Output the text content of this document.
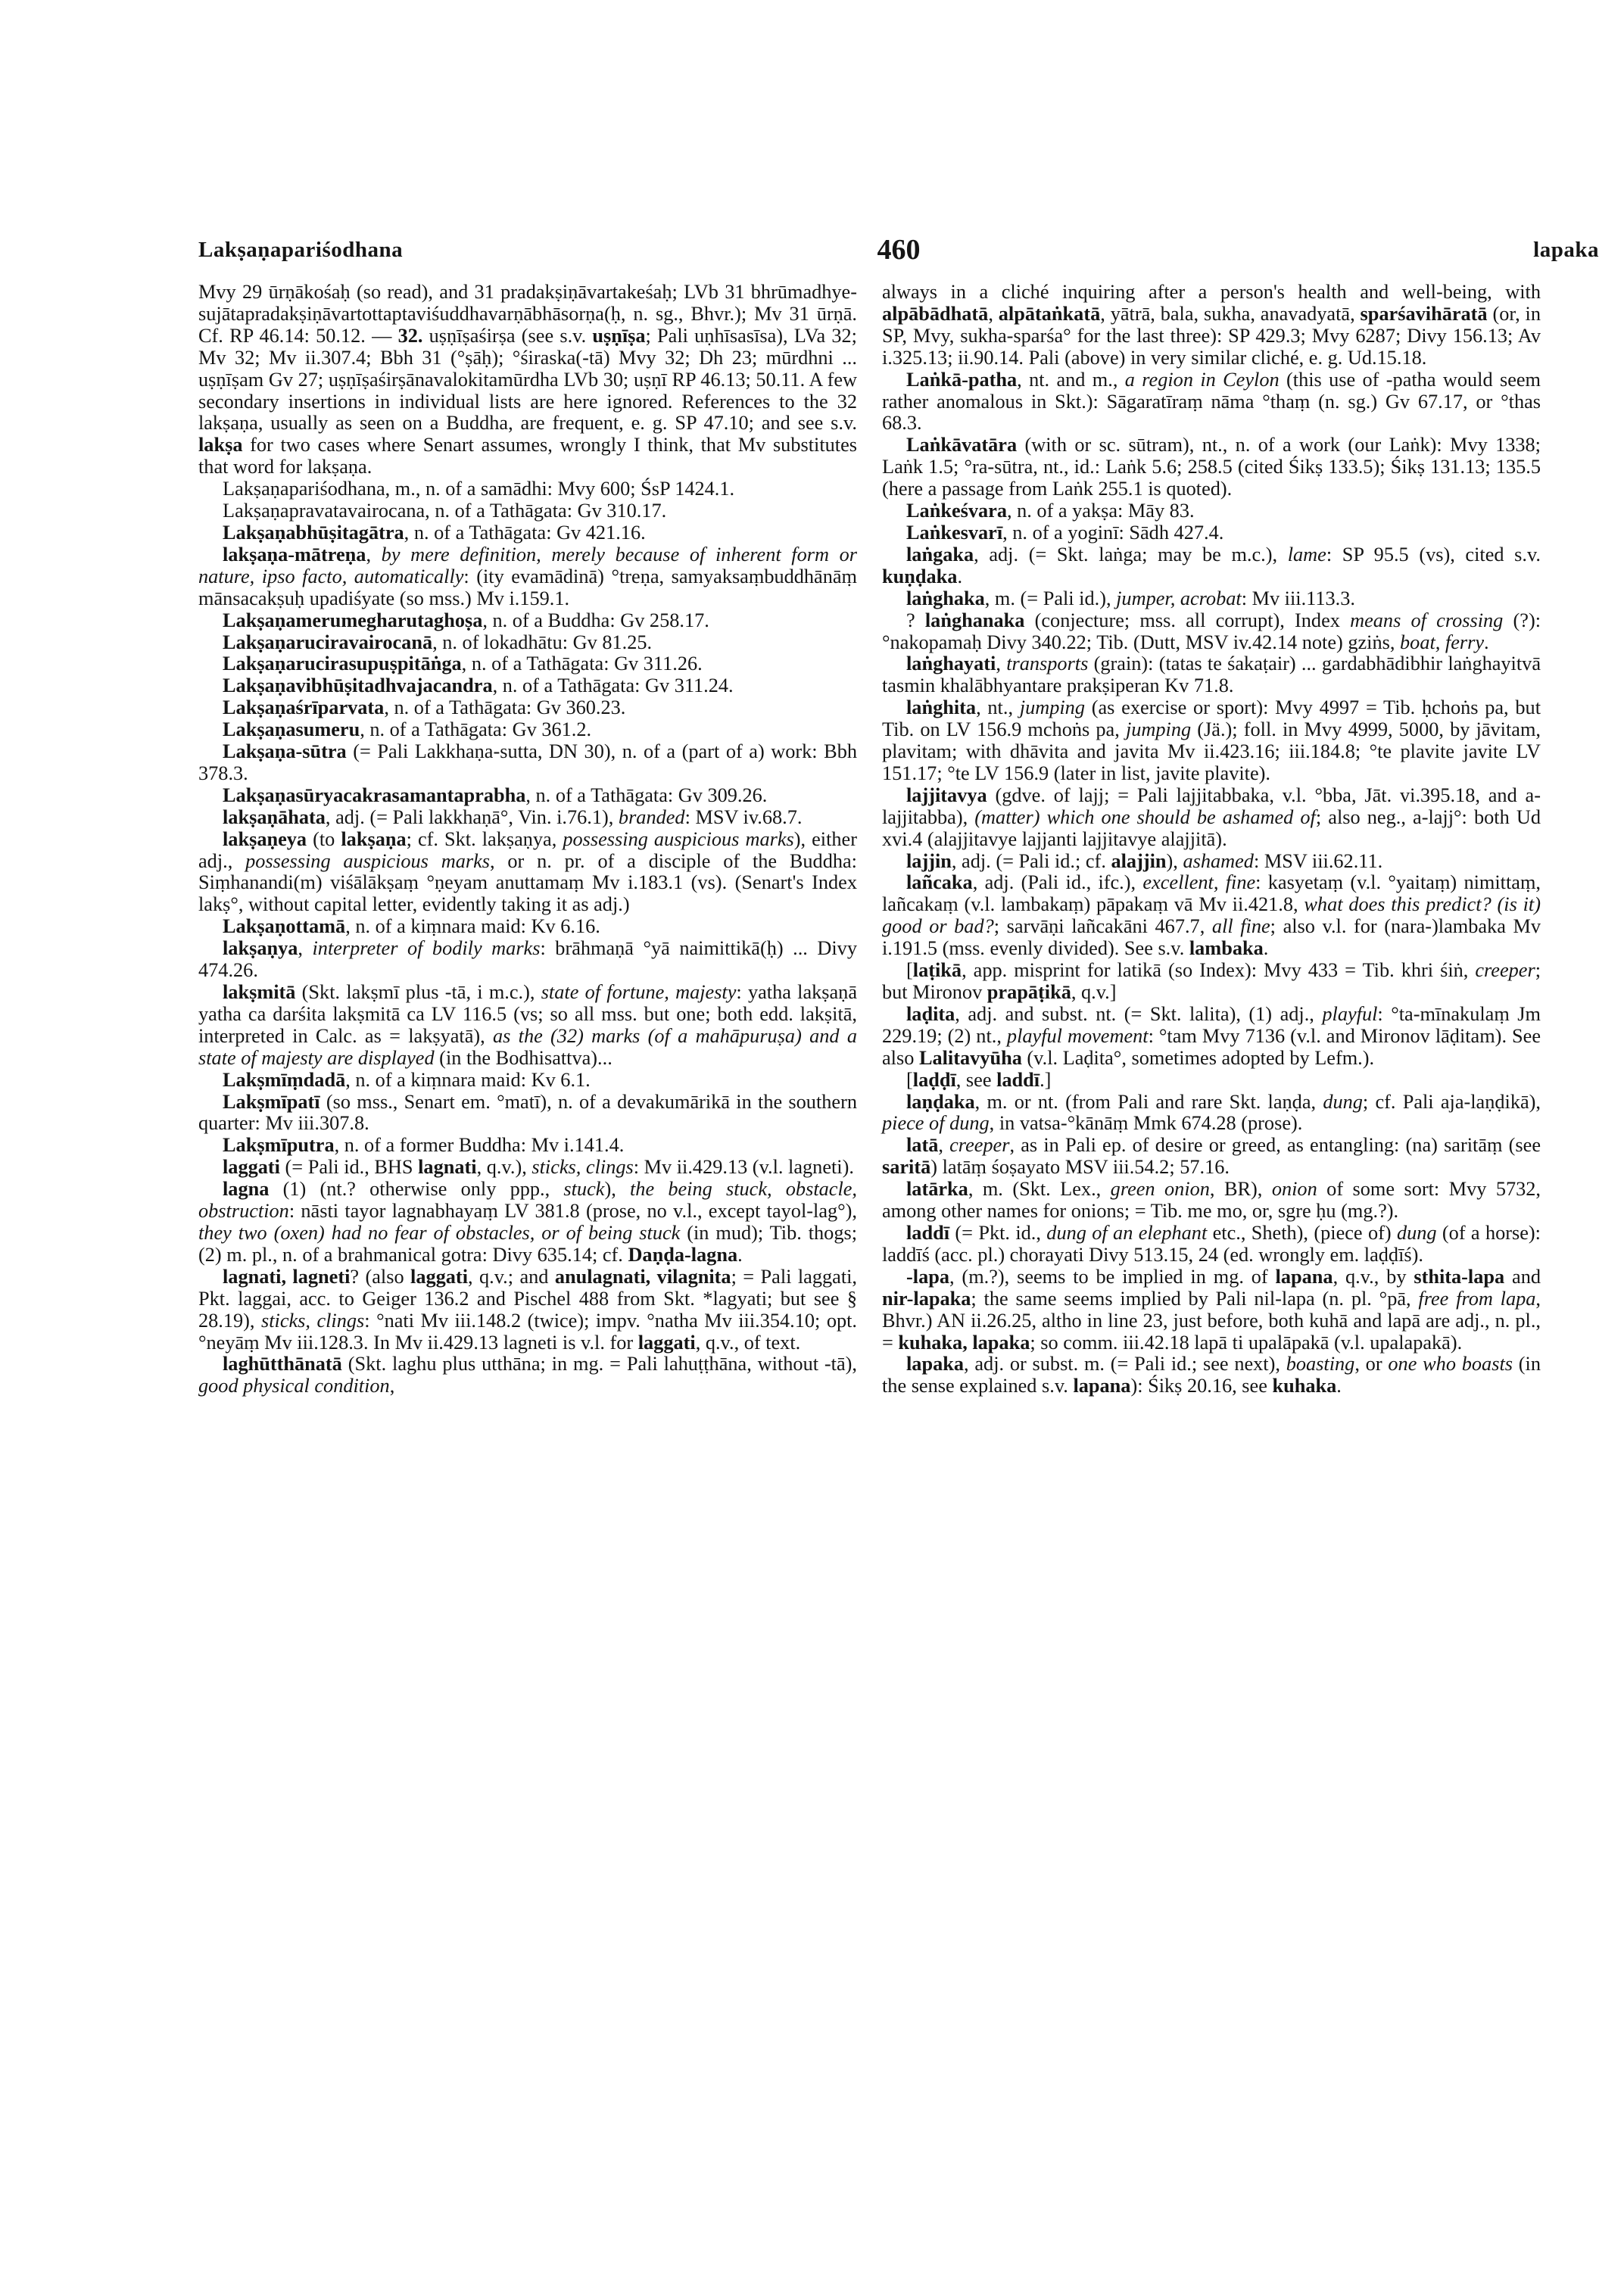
Lakṣaṇapariśodhana	460	lapaka

Mvy 29 ūrṇākośaḥ (so read), and 31 pradakṣiṇāvartakeśaḥ; LVb 31 bhrūmadhye-sujātapradakṣiṇāvartottaptaviśuddhavarṇābhāsorṇa(ḥ, n. sg., Bhvr.); Mv 31 ūrṇā. Cf. RP 46.14: 50.12. — 32. uṣṇīṣaśirṣa (see s.v. uṣṇīṣa; Pali uṇhīsasīsa), LVa 32; Mv 32; Mv ii.307.4; Bbh 31 (°ṣāḥ); °śiraska(-tā) Mvy 32; Dh 23; mūrdhni ... uṣṇīṣam Gv 27; uṣṇīṣaśirṣānavalokitamūrdha LVb 30; uṣṇī RP 46.13; 50.11. A few secondary insertions in individual lists are here ignored. References to the 32 lakṣaṇa, usually as seen on a Buddha, are frequent, e. g. SP 47.10; and see s.v. lakṣa for two cases where Senart assumes, wrongly I think, that Mv substitutes that word for lakṣaṇa.

Lakṣaṇapariśodhana, m., n. of a samādhi: Mvy 600; ŚsP 1424.1.

Lakṣaṇapravatavairocana, n. of a Tathāgata: Gv 310.17.

Lakṣaṇabhūṣitagātra, n. of a Tathāgata: Gv 421.16.

lakṣaṇa-mātreṇa, by mere definition, merely because of inherent form or nature, ipso facto, automatically: (ity evamādinā) °treṇa, samyaksaṃbuddhānāṃ mānsacakṣuḥ upadiśyate (so mss.) Mv i.159.1.

Lakṣaṇamerumegharutaghoṣa, n. of a Buddha: Gv 258.17.

Lakṣaṇaruciravairocanā, n. of lokadhātu: Gv 81.25.

Lakṣaṇarucirasupuṣpitāṅga, n. of a Tathāgata: Gv 311.26.

Lakṣaṇavibhūṣitadhvajacandra, n. of a Tathāgata: Gv 311.24.

Lakṣaṇaśrīparvata, n. of a Tathāgata: Gv 360.23.

Lakṣaṇasumeru, n. of a Tathāgata: Gv 361.2.

Lakṣaṇa-sūtra (= Pali Lakkhaṇa-sutta, DN 30), n. of a (part of a) work: Bbh 378.3.

Lakṣaṇasūryacakrasamantaprabha, n. of a Tathāgata: Gv 309.26.

lakṣaṇāhata, adj. (= Pali lakkhaṇā°, Vin. i.76.1), branded: MSV iv.68.7.

lakṣaṇeya (to lakṣaṇa; cf. Skt. lakṣaṇya, possessing auspicious marks), either adj., possessing auspicious marks, or n. pr. of a disciple of the Buddha: Siṃhanandi(m) viśālākṣaṃ °ṇeyam anuttamaṃ Mv i.183.1 (vs). (Senart's Index lakṣ°, without capital letter, evidently taking it as adj.)

Lakṣaṇottamā, n. of a kiṃnara maid: Kv 6.16.

lakṣaṇya, interpreter of bodily marks: brāhmaṇā °yā naimittikā(ḥ) ... Divy 474.26.

lakṣmitā (Skt. lakṣmī plus -tā, i m.c.), state of fortune, majesty: yatha lakṣaṇā yatha ca darśita lakṣmitā ca LV 116.5 (vs; so all mss. but one; both edd. lakṣitā, interpreted in Calc. as = lakṣyatā), as the (32) marks (of a mahāpuruṣa) and a state of majesty are displayed (in the Bodhisattva)...

Lakṣmīṃdadā, n. of a kiṃnara maid: Kv 6.1.

Lakṣmīpatī (so mss., Senart em. °matī), n. of a devakumārikā in the southern quarter: Mv iii.307.8.

Lakṣmīputra, n. of a former Buddha: Mv i.141.4.

laggati (= Pali id., BHS lagnati, q.v.), sticks, clings: Mv ii.429.13 (v.l. lagneti).

lagna (1) (nt.? otherwise only ppp., stuck), the being stuck, obstacle, obstruction: nāsti tayor lagnabhayaṃ LV 381.8 (prose, no v.l., except tayol-lag°), they two (oxen) had no fear of obstacles, or of being stuck (in mud); Tib. thogs; (2) m. pl., n. of a brahmanical gotra: Divy 635.14; cf. Daṇḍa-lagna.

lagnati, lagneti? (also laggati, q.v.; and anulagnati, vilagnita; = Pali laggati, Pkt. laggai, acc. to Geiger 136.2 and Pischel 488 from Skt. *lagyati; but see § 28.19), sticks, clings: °nati Mv iii.148.2 (twice); impv. °natha Mv iii.354.10; opt. °neyāṃ Mv iii.128.3. In Mv ii.429.13 lagneti is v.l. for laggati, q.v., of text.

laghūtthānatā (Skt. laghu plus utthāna; in mg. = Pali lahuṭṭhāna, without -tā), good physical condition,

always in a cliché inquiring after a person's health and well-being, with alpābādhatā, alpātaṅkatā, yātrā, bala, sukha, anavadyatā, sparśavihāratā (or, in SP, Mvy, sukha-sparśa° for the last three): SP 429.3; Mvy 6287; Divy 156.13; Av i.325.13; ii.90.14. Pali (above) in very similar cliché, e. g. Ud.15.18.

Laṅkā-patha, nt. and m., a region in Ceylon (this use of -patha would seem rather anomalous in Skt.): Sāgaratīraṃ nāma °thaṃ (n. sg.) Gv 67.17, or °thas 68.3.

Laṅkāvatāra (with or sc. sūtram), nt., n. of a work (our Laṅk): Mvy 1338; Laṅk 1.5; °ra-sūtra, nt., id.: Laṅk 5.6; 258.5 (cited Śikṣ 133.5); Śikṣ 131.13; 135.5 (here a passage from Laṅk 255.1 is quoted).

Laṅkeśvara, n. of a yakṣa: Māy 83.

Laṅkesvarī, n. of a yoginī: Sādh 427.4.

laṅgaka, adj. (= Skt. laṅga; may be m.c.), lame: SP 95.5 (vs), cited s.v. kuṇḍaka.

laṅghaka, m. (= Pali id.), jumper, acrobat: Mv iii.113.3.

? laṅghanaka (conjecture; mss. all corrupt), Index means of crossing (?): °nakopamaḥ Divy 340.22; Tib. (Dutt, MSV iv.42.14 note) gziṅs, boat, ferry.

laṅghayati, transports (grain): (tatas te śakaṭair) ... gardabhādibhir laṅghayitvā tasmin khalābhyantare prakṣiperan Kv 71.8.

laṅghita, nt., jumping (as exercise or sport): Mvy 4997 = Tib. ḥchoṅs pa, but Tib. on LV 156.9 mchoṅs pa, jumping (Jä.); foll. in Mvy 4999, 5000, by jāvitam, plavitam; with dhāvita and javita Mv ii.423.16; iii.184.8; °te plavite javite LV 151.17; °te LV 156.9 (later in list, javite plavite).

lajjitavya (gdve. of lajj; = Pali lajjitabbaka, v.l. °bba, Jāt. vi.395.18, and a-lajjitabba), (matter) which one should be ashamed of; also neg., a-lajj°: both Ud xvi.4 (alajjitavye lajjanti lajjitavye alajjitā).

lajjin, adj. (= Pali id.; cf. alajjin), ashamed: MSV iii.62.11.

lañcaka, adj. (Pali id., ifc.), excellent, fine: kasyetaṃ (v.l. °yaitaṃ) nimittaṃ, lañcakaṃ (v.l. lambakaṃ) pāpakaṃ vā Mv ii.421.8, what does this predict? (is it) good or bad?; sarvāṇi lañcakāni 467.7, all fine; also v.l. for (nara-)lambaka Mv i.191.5 (mss. evenly divided). See s.v. lambaka.

[laṭikā, app. misprint for latikā (so Index): Mvy 433 = Tib. khri śiṅ, creeper; but Mironov prapāṭikā, q.v.]

laḍita, adj. and subst. nt. (= Skt. lalita), (1) adj., playful: °ta-mīnakulaṃ Jm 229.19; (2) nt., playful movement: °tam Mvy 7136 (v.l. and Mironov lāḍitam). See also Lalitavyūha (v.l. Laḍita°, sometimes adopted by Lefm.).

[laḍḍī, see laddī.]

laṇḍaka, m. or nt. (from Pali and rare Skt. laṇḍa, dung; cf. Pali aja-laṇḍikā), piece of dung, in vatsa-°kānāṃ Mmk 674.28 (prose).

latā, creeper, as in Pali ep. of desire or greed, as entangling: (na) saritāṃ (see saritā) latāṃ śoṣayato MSV iii.54.2; 57.16.

latārka, m. (Skt. Lex., green onion, BR), onion of some sort: Mvy 5732, among other names for onions; = Tib. me mo, or, sgre ḥu (mg.?).

laddī (= Pkt. id., dung of an elephant etc., Sheth), (piece of) dung (of a horse): laddīś (acc. pl.) chorayati Divy 513.15, 24 (ed. wrongly em. laḍḍīś).

-lapa, (m.?), seems to be implied in mg. of lapana, q.v., by sthita-lapa and nir-lapaka; the same seems implied by Pali nil-lapa (n. pl. °pā, free from lapa, Bhvr.) AN ii.26.25, altho in line 23, just before, both kuhā and lapā are adj., n. pl., = kuhaka, lapaka; so comm. iii.42.18 lapā ti upalāpakā (v.l. upalapakā).

lapaka, adj. or subst. m. (= Pali id.; see next), boasting, or one who boasts (in the sense explained s.v. lapana): Śikṣ 20.16, see kuhaka.
